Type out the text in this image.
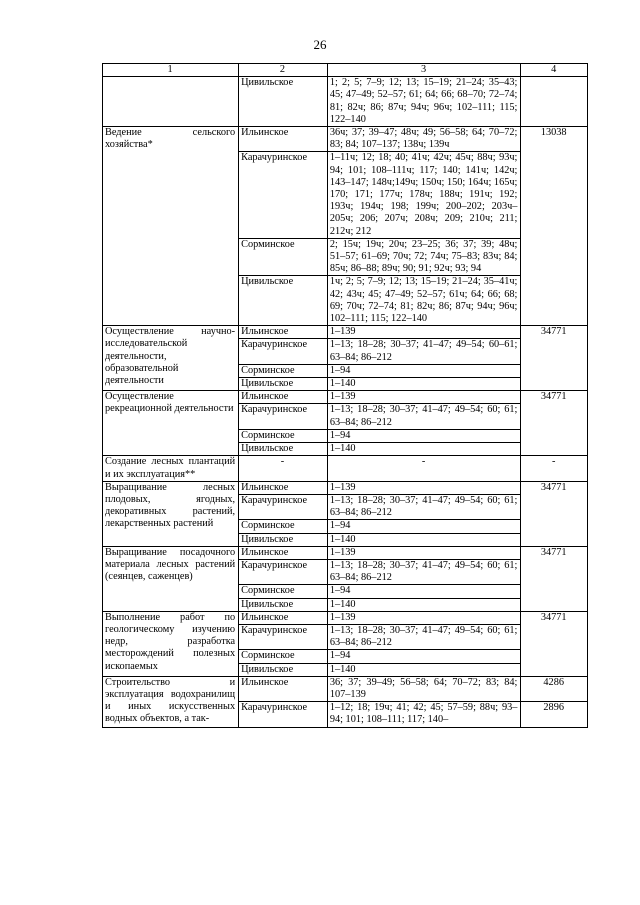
26
1	2	3	4
	Цивильское	1; 2; 5; 7–9; 12; 13; 15–19; 21–24; 35–43; 45; 47–49; 52–57; 61; 64; 66; 68–70; 72–74; 81; 82ч; 86; 87ч; 94ч; 96ч; 102–111; 115; 122–140	
Ведение сельского хозяйства*	Ильинское	36ч; 37; 39–47; 48ч; 49; 56–58; 64; 70–72; 83; 84; 107–137; 138ч; 139ч	13038
	Карачуринское	1–11ч; 12; 18; 40; 41ч; 42ч; 45ч; 88ч; 93ч; 94; 101; 108–111ч; 117; 140; 141ч; 142ч; 143–147; 148ч;149ч; 150ч; 150; 164ч; 165ч; 170; 171; 177ч; 178ч; 188ч; 191ч; 192; 193ч; 194ч; 198; 199ч; 200–202; 203ч–205ч; 206; 207ч; 208ч; 209; 210ч; 211; 212ч; 212	
	Сорминское	2; 15ч; 19ч; 20ч; 23–25; 36; 37; 39; 48ч; 51–57; 61–69; 70ч; 72; 74ч; 75–83; 83ч; 84; 85ч; 86–88; 89ч; 90; 91; 92ч; 93; 94	
	Цивильское	1ч; 2; 5; 7–9; 12; 13; 15–19; 21–24; 35–41ч; 42; 43ч; 45; 47–49; 52–57; 61ч; 64; 66; 68; 69; 70ч; 72–74; 81; 82ч; 86; 87ч; 94ч; 96ч; 102–111; 115; 122–140	
Осуществление научно-исследовательской деятельности, образовательной деятельности	Ильинское	1–139	34771
	Карачуринское	1–13; 18–28; 30–37; 41–47; 49–54; 60–61; 63–84; 86–212	
	Сорминское	1–94	
	Цивильское	1–140	
Осуществление рекреационной деятельности	Ильинское	1–139	34771
	Карачуринское	1–13; 18–28; 30–37; 41–47; 49–54; 60; 61; 63–84; 86–212	
	Сорминское	1–94	
	Цивильское	1–140	
Создание лесных плантаций и их эксплуатация**	-	-	-
Выращивание лесных плодовых, ягодных, декоративных растений, лекарственных растений	Ильинское	1–139	34771
	Карачуринское	1–13; 18–28; 30–37; 41–47; 49–54; 60; 61; 63–84; 86–212	
	Сорминское	1–94	
	Цивильское	1–140	
Выращивание посадочного материала лесных растений (сеянцев, саженцев)	Ильинское	1–139	34771
	Карачуринское	1–13; 18–28; 30–37; 41–47; 49–54; 60; 61; 63–84; 86–212	
	Сорминское	1–94	
	Цивильское	1–140	
Выполнение работ по геологическому изучению недр, разработка месторождений полезных ископаемых	Ильинское	1–139	34771
	Карачуринское	1–13; 18–28; 30–37; 41–47; 49–54; 60; 61; 63–84; 86–212	
	Сорминское	1–94	
	Цивильское	1–140	
Строительство и эксплуатация водохранилищ и иных искусственных водных объектов, а так-	Ильинское	36; 37; 39–49; 56–58; 64; 70–72; 83; 84; 107–139	4286
	Карачуринское	1–12; 18; 19ч; 41; 42; 45; 57–59; 88ч; 93–94; 101; 108–111; 117; 140–	2896
